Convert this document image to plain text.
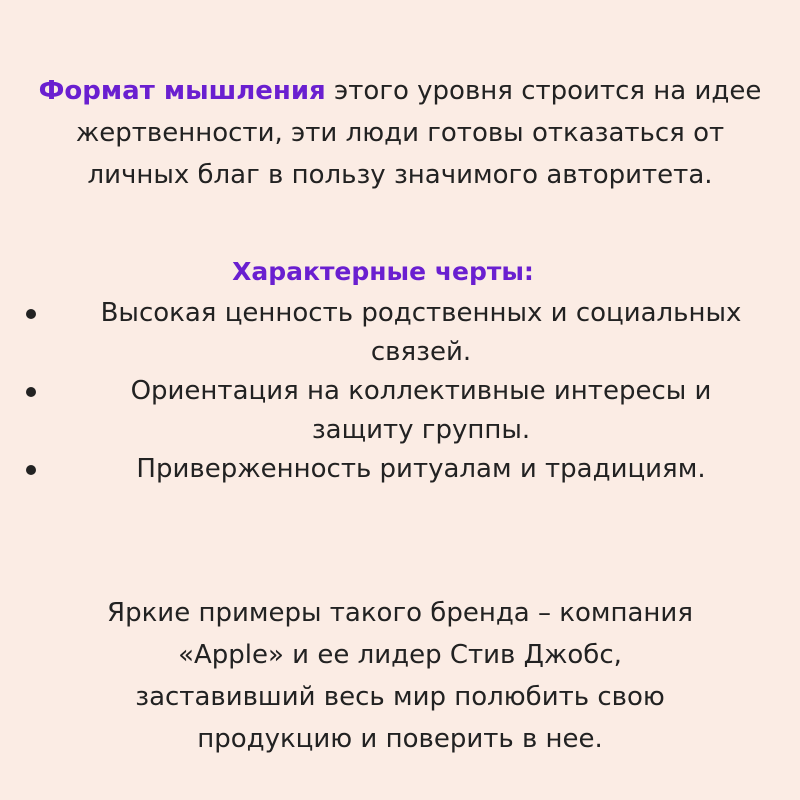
Формат мышления этого уровня строится на идее
жертвенности, эти люди готовы отказаться от
личных благ в пользу значимого авторитета.

Характерные черты:
Высокая ценность родственных и социальных
связей.
Ориентация на коллективные интересы и
защиту группы.
Приверженность ритуалам и традициям.

Яркие примеры такого бренда – компания
«Apple» и ее лидер Стив Джобс,
заставивший весь мир полюбить свою
продукцию и поверить в нее.
